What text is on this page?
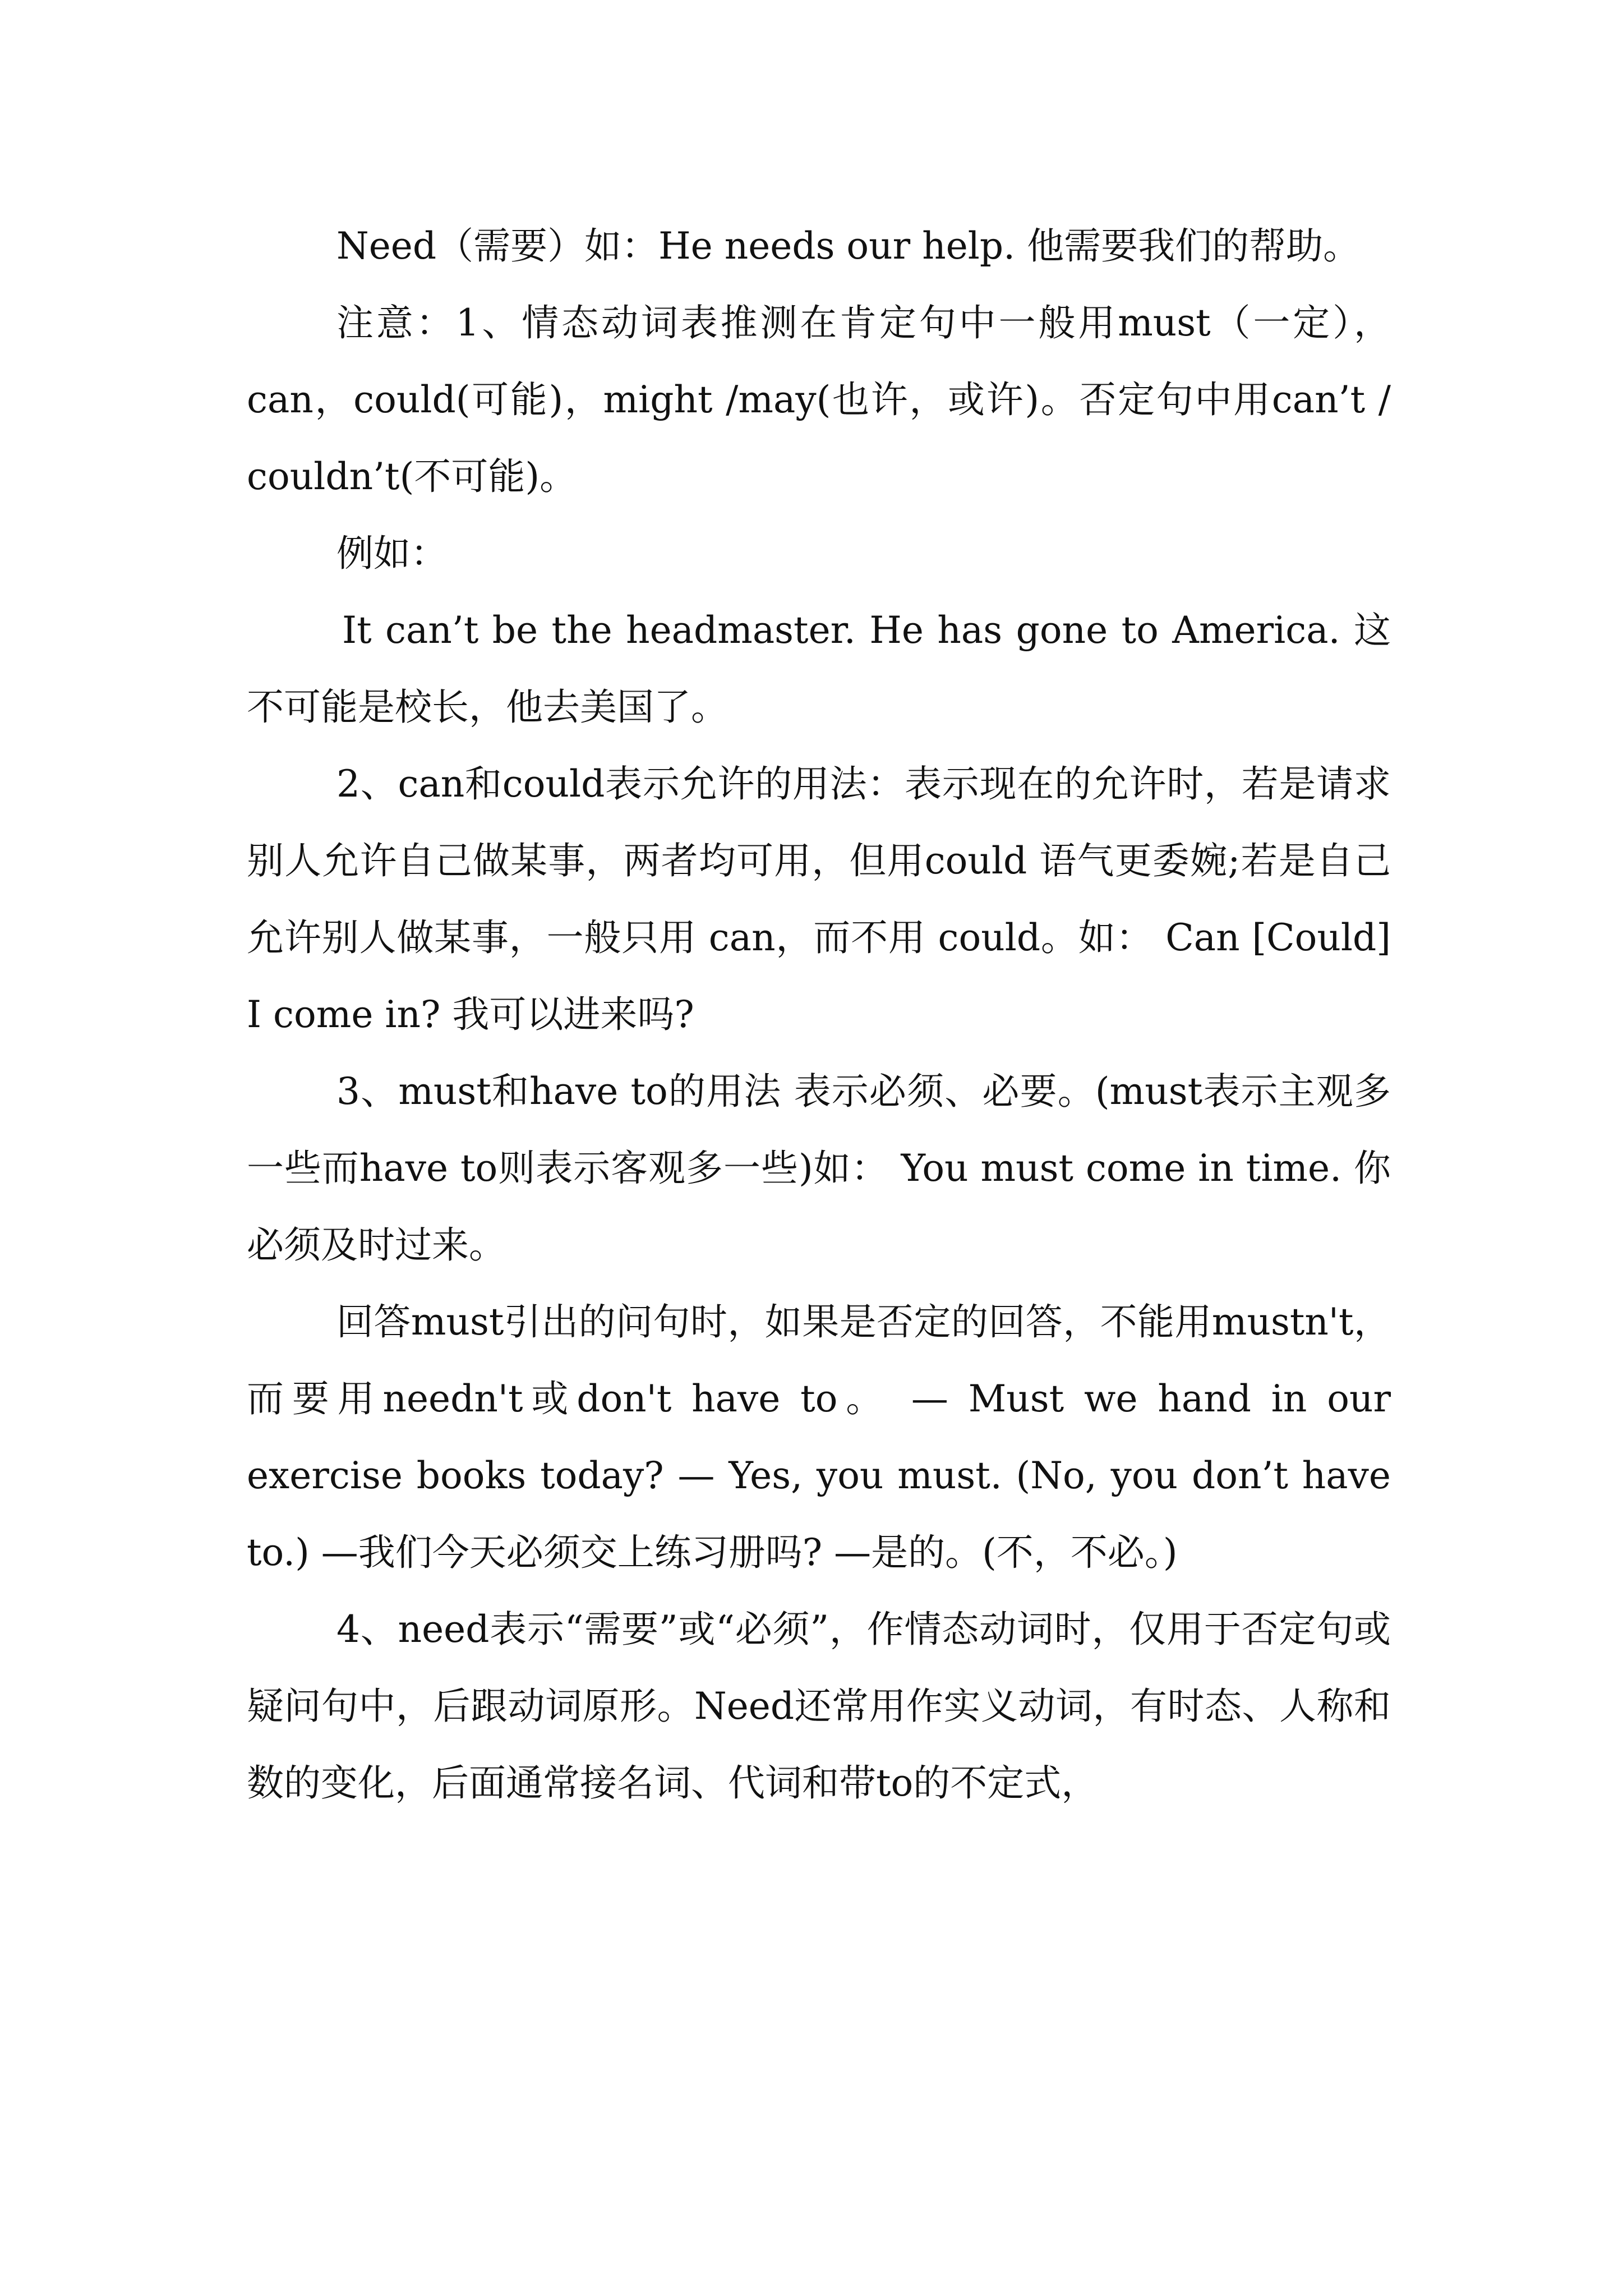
Need（需要）如：He needs our help. 他需要我们的帮助。

注意：1、情态动词表推测在肯定句中一般用must（一定），can，could(可能)，might /may(也许，或许)。否定句中用can’t / couldn’t(不可能)。

例如：

It can’t be the headmaster. He has gone to America. 这不可能是校长，他去美国了。

2、can和could表示允许的用法：表示现在的允许时，若是请求别人允许自己做某事，两者均可用，但用could 语气更委婉;若是自己允许别人做某事，一般只用 can，而不用 could。如： Can [Could] I come in? 我可以进来吗?

3、must和have to的用法 表示必须、必要。(must表示主观多一些而have to则表示客观多一些)如： You must come in time. 你必须及时过来。

回答must引出的问句时，如果是否定的回答，不能用mustn't，而要用needn't或don't have to。 — Must we hand in our exercise books today? — Yes, you must. (No, you don’t have to.) —我们今天必须交上练习册吗? —是的。(不，不必。)

4、need表示“需要”或“必须”，作情态动词时，仅用于否定句或疑问句中，后跟动词原形。Need还常用作实义动词，有时态、人称和数的变化，后面通常接名词、代词和带to的不定式，
